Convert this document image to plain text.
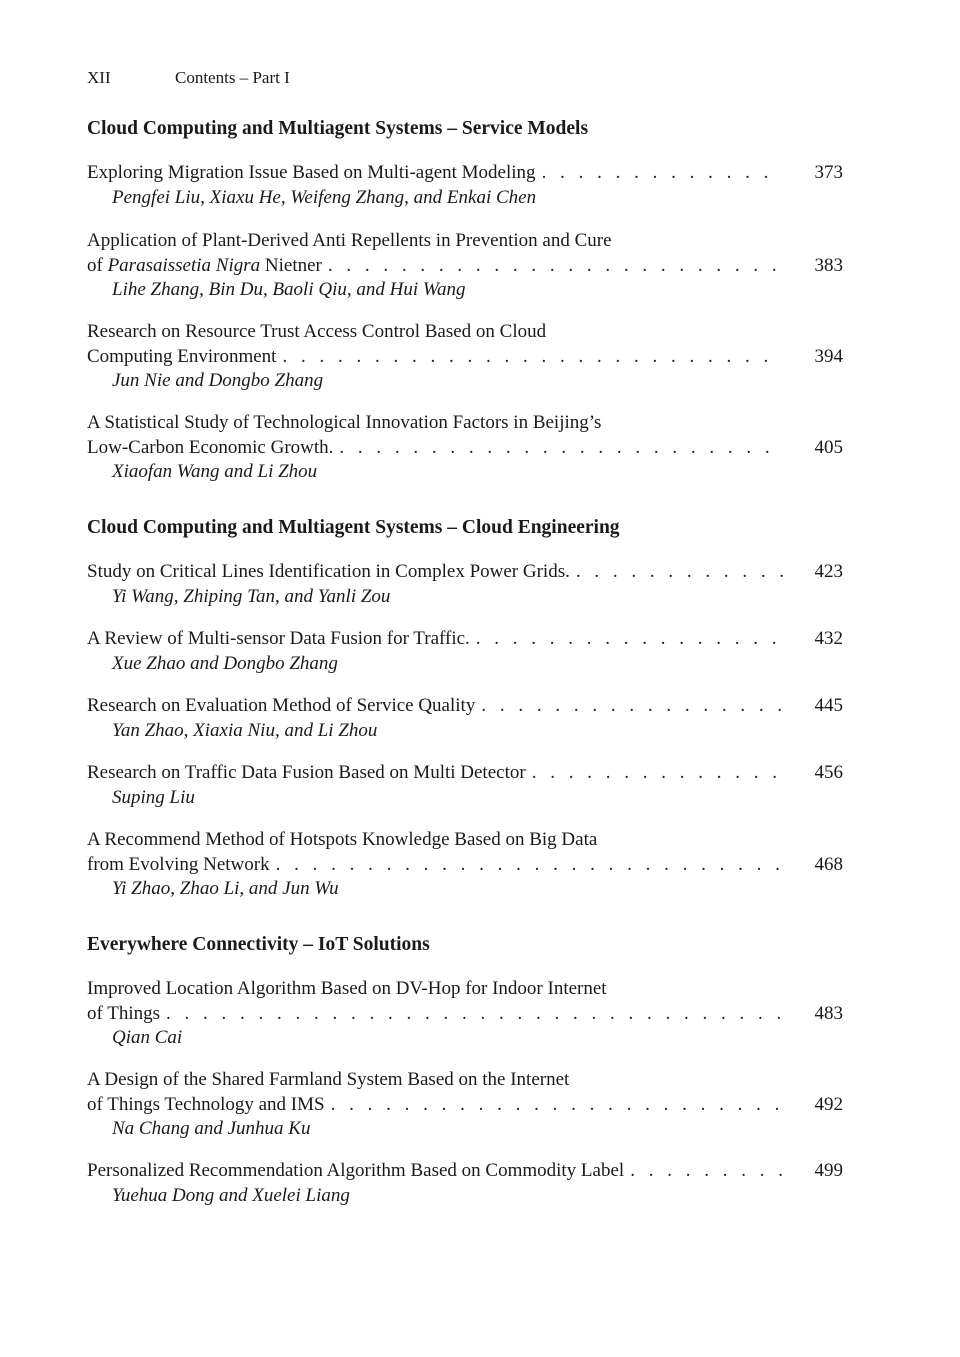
XII	Contents – Part I
Cloud Computing and Multiagent Systems – Service Models
Exploring Migration Issue Based on Multi-agent Modeling . . .	373
Pengfei Liu, Xiaxu He, Weifeng Zhang, and Enkai Chen
Application of Plant-Derived Anti Repellents in Prevention and Cure
of Parasaissetia Nigra Nietner . . .	383
Lihe Zhang, Bin Du, Baoli Qiu, and Hui Wang
Research on Resource Trust Access Control Based on Cloud
Computing Environment . . .	394
Jun Nie and Dongbo Zhang
A Statistical Study of Technological Innovation Factors in Beijing’s
Low-Carbon Economic Growth. . . .	405
Xiaofan Wang and Li Zhou
Cloud Computing and Multiagent Systems – Cloud Engineering
Study on Critical Lines Identification in Complex Power Grids. . . .	423
Yi Wang, Zhiping Tan, and Yanli Zou
A Review of Multi-sensor Data Fusion for Traffic. . . .	432
Xue Zhao and Dongbo Zhang
Research on Evaluation Method of Service Quality . . .	445
Yan Zhao, Xiaxia Niu, and Li Zhou
Research on Traffic Data Fusion Based on Multi Detector . . .	456
Suping Liu
A Recommend Method of Hotspots Knowledge Based on Big Data
from Evolving Network . . .	468
Yi Zhao, Zhao Li, and Jun Wu
Everywhere Connectivity – IoT Solutions
Improved Location Algorithm Based on DV-Hop for Indoor Internet
of Things . . .	483
Qian Cai
A Design of the Shared Farmland System Based on the Internet
of Things Technology and IMS . . .	492
Na Chang and Junhua Ku
Personalized Recommendation Algorithm Based on Commodity Label . . .	499
Yuehua Dong and Xuelei Liang
